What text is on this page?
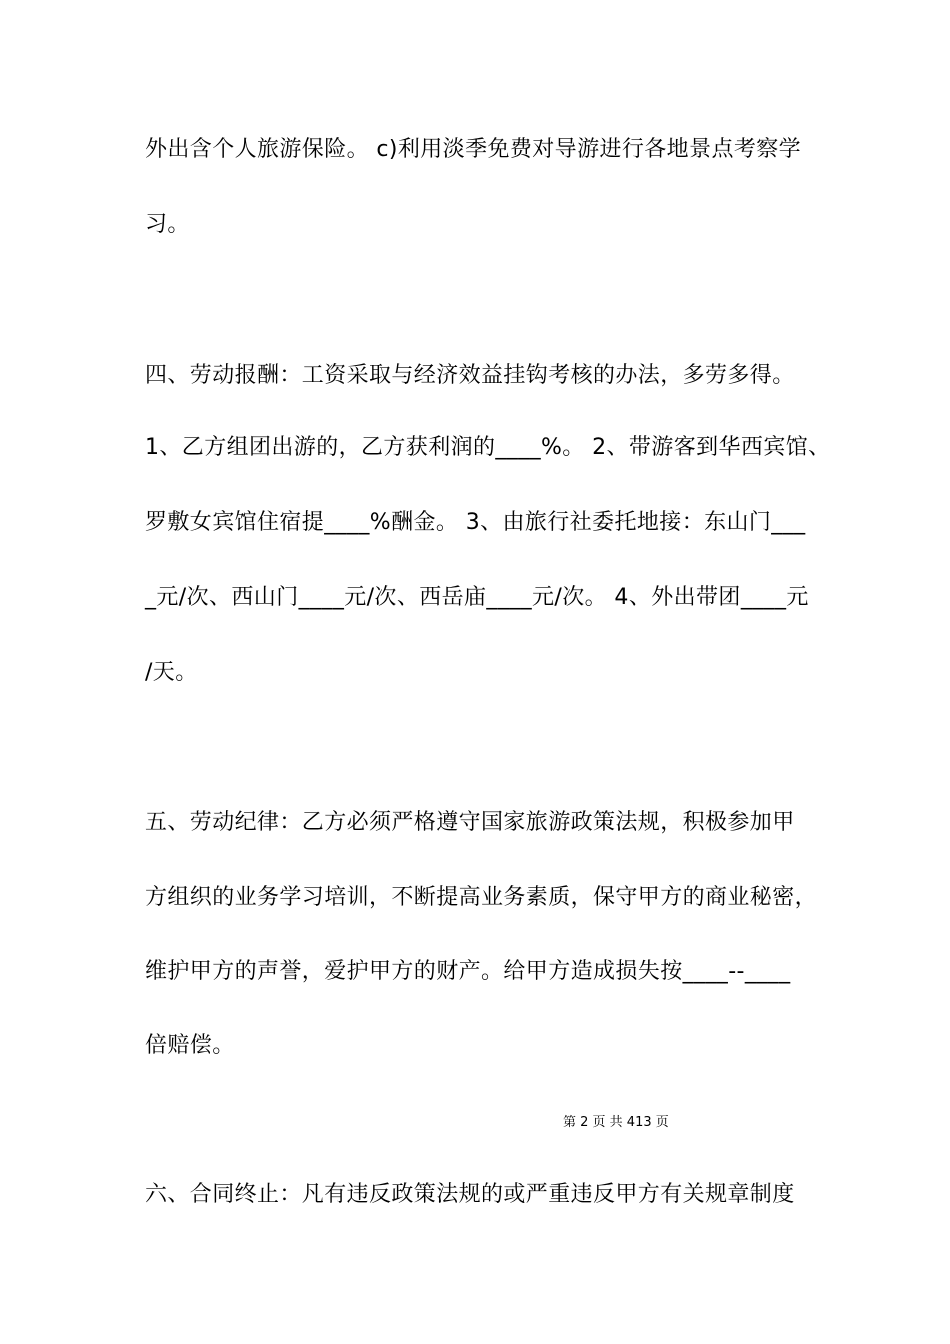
外出含个人旅游保险。 c)利用淡季免费对导游进行各地景点考察学
习。
四、劳动报酬：工资采取与经济效益挂钩考核的办法，多劳多得。
1、乙方组团出游的，乙方获利润的____%。 2、带游客到华西宾馆、
罗敷女宾馆住宿提____%酬金。 3、由旅行社委托地接：东山门___
_元/次、西山门____元/次、西岳庙____元/次。 4、外出带团____元
/天。
五、劳动纪律：乙方必须严格遵守国家旅游政策法规，积极参加甲
方组织的业务学习培训，不断提高业务素质，保守甲方的商业秘密，
维护甲方的声誉，爱护甲方的财产。给甲方造成损失按____--____
倍赔偿。
第 2 页 共 413 页
六、合同终止：凡有违反政策法规的或严重违反甲方有关规章制度
